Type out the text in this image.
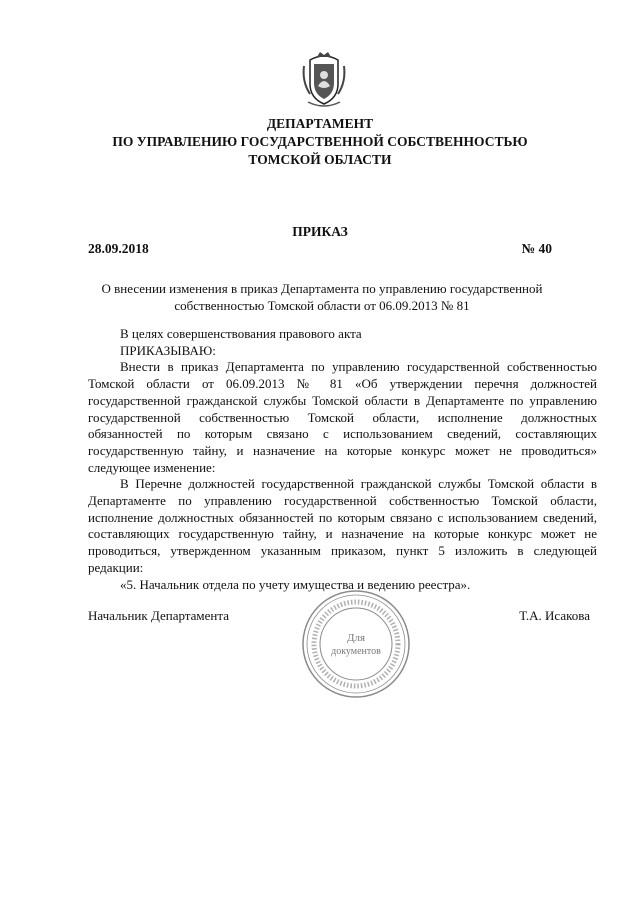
ДЕПАРТАМЕНТ
ПО УПРАВЛЕНИЮ ГОСУДАРСТВЕННОЙ СОБСТВЕННОСТЬЮ
ТОМСКОЙ ОБЛАСТИ
ПРИКАЗ
28.09.2018	№ 40
О внесении изменения в приказ Департамента по управлению государственной
собственностью Томской области от 06.09.2013 № 81

В целях совершенствования правового акта

ПРИКАЗЫВАЮ:

Внести в приказ Департамента по управлению государственной собственностью Томской области от 06.09.2013 № 81 «Об утверждении перечня должностей государственной гражданской службы Томской области в Департаменте по управлению государственной собственностью Томской области, исполнение должностных обязанностей по которым связано с использованием сведений, составляющих государственную тайну, и назначение на которые конкурс может не проводиться» следующее изменение:

В Перечне должностей государственной гражданской службы Томской области в Департаменте по управлению государственной собственностью Томской области, исполнение должностных обязанностей по которым связано с использованием сведений, составляющих государственную тайну, и назначение на которые конкурс может не проводиться, утвержденном указанным приказом, пункт 5 изложить в следующей редакции:

«5. Начальник отдела по учету имущества и ведению реестра».

Начальник Департамента	Т.А. Исакова
Для
документов
